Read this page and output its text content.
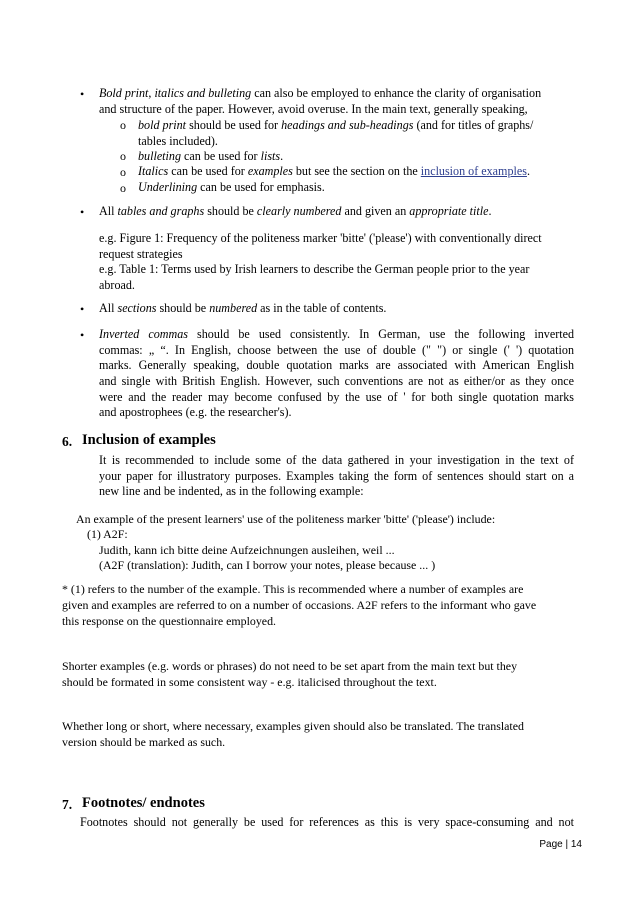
• Bold print, italics and bulleting can also be employed to enhance the clarity of organisation
and structure of the paper. However, avoid overuse. In the main text, generally speaking,
o bold print should be used for headings and sub-headings (and for titles of graphs/
tables included).
o bulleting can be used for lists.
o Italics can be used for examples but see the section on the inclusion of examples.
o Underlining can be used for emphasis.
• All tables and graphs should be clearly numbered and given an appropriate title.
e.g. Figure 1: Frequency of the politeness marker 'bitte' ('please') with conventionally direct
request strategies
e.g. Table 1: Terms used by Irish learners to describe the German people prior to the year
abroad.
• All sections should be numbered as in the table of contents.
• Inverted commas should be used consistently. In German, use the following inverted
commas: „ “. In English, choose between the use of double (" ") or single (' ') quotation
marks. Generally speaking, double quotation marks are associated with American English
and single with British English. However, such conventions are not as either/or as they once
were and the reader may become confused by the use of ' for both single quotation marks
and apostrophees (e.g. the researcher's).
6. Inclusion of examples
It is recommended to include some of the data gathered in your investigation in the text of
your paper for illustratory purposes. Examples taking the form of sentences should start on a
new line and be indented, as in the following example:
An example of the present learners' use of the politeness marker 'bitte' ('please') include:
(1) A2F:
Judith, kann ich bitte deine Aufzeichnungen ausleihen, weil ...
(A2F (translation): Judith, can I borrow your notes, please because ... )
* (1) refers to the number of the example. This is recommended where a number of examples are
given and examples are referred to on a number of occasions. A2F refers to the informant who gave
this response on the questionnaire employed.
Shorter examples (e.g. words or phrases) do not need to be set apart from the main text but they
should be formated in some consistent way - e.g. italicised throughout the text.
Whether long or short, where necessary, examples given should also be translated. The translated
version should be marked as such.
7. Footnotes/ endnotes
Footnotes should not generally be used for references as this is very space-consuming and not
Page | 14
